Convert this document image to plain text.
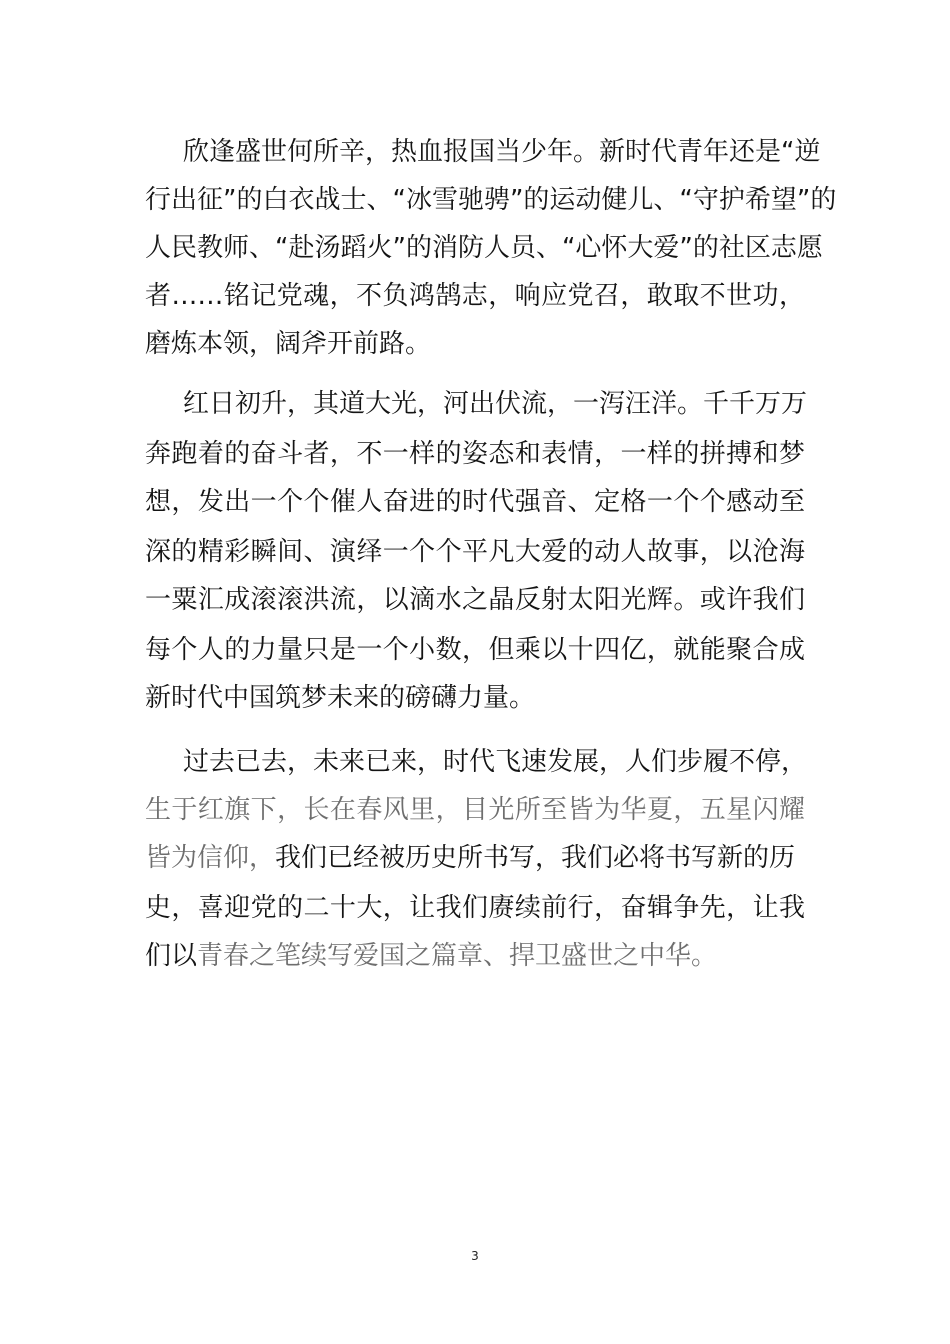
欣逢盛世何所辛，热血报国当少年。新时代青年还是“逆
行出征”的白衣战士、“冰雪驰骋”的运动健儿、“守护希望”的
人民教师、“赴汤蹈火”的消防人员、“心怀大爱”的社区志愿
者……铭记党魂，不负鸿鹄志，响应党召，敢取不世功，
磨炼本领，阔斧开前路。
红日初升，其道大光，河出伏流，一泻汪洋。千千万万
奔跑着的奋斗者，不一样的姿态和表情，一样的拼搏和梦
想，发出一个个催人奋进的时代强音、定格一个个感动至
深的精彩瞬间、演绎一个个平凡大爱的动人故事，以沧海
一粟汇成滚滚洪流，以滴水之晶反射太阳光辉。或许我们
每个人的力量只是一个小数，但乘以十四亿，就能聚合成
新时代中国筑梦未来的磅礴力量。
过去已去，未来已来，时代飞速发展，人们步履不停，
生于红旗下，长在春风里，目光所至皆为华夏，五星闪耀
皆为信仰，我们已经被历史所书写，我们必将书写新的历
史，喜迎党的二十大，让我们赓续前行，奋辑争先，让我
们以青春之笔续写爱国之篇章、捍卫盛世之中华。
3
